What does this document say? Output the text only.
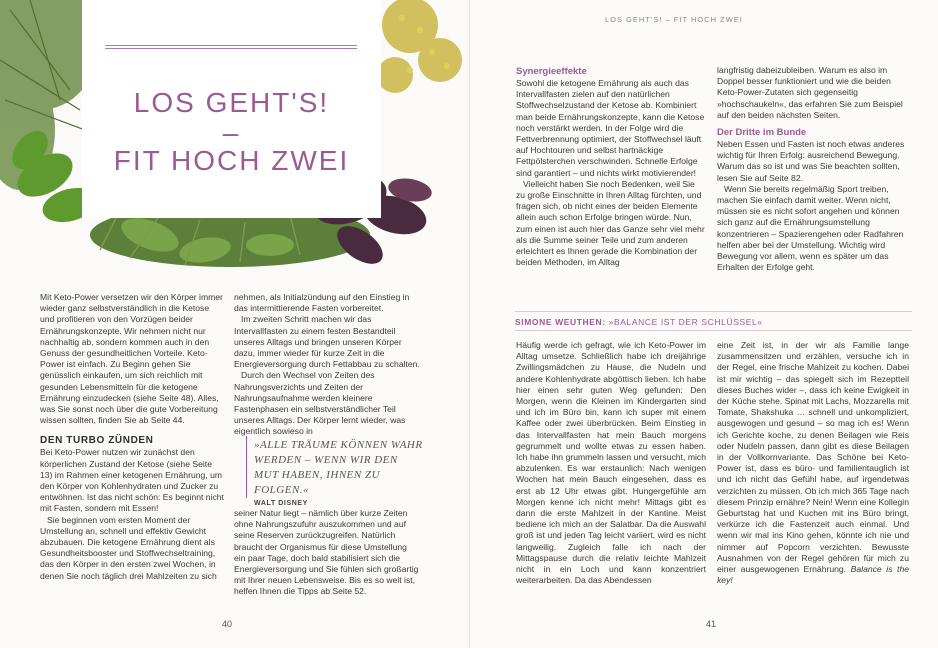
LOS GEHT'S!
–
FIT HOCH ZWEI

Mit Keto-Power versetzen wir den Körper immer wieder ganz selbstverständlich in die Ketose und profitieren von den Vorzügen beider Ernährungskonzepte. Wir nehmen nicht nur nachhaltig ab, sondern kommen auch in den Genuss der gesundheitlichen Vorteile. Keto-Power ist einfach. Zu Beginn gehen Sie genüsslich einkaufen, um sich reichlich mit gesunden Lebensmitteln für die ketogene Ernährung einzudecken (siehe Seite 48). Alles, was Sie sonst noch über die gute Vorbereitung wissen sollten, finden Sie ab Seite 44.

DEN TURBO ZÜNDEN

Bei Keto-Power nutzen wir zunächst den körperlichen Zustand der Ketose (siehe Seite 13) im Rahmen einer ketogenen Ernährung, um den Körper von Kohlenhydraten und Zucker zu entwöhnen. Ist das nicht schön: Es beginnt nicht mit Fasten, sondern mit Essen!

Sie beginnen vom ersten Moment der Umstellung an, schnell und effektiv Gewicht abzubauen. Die ketogene Ernährung dient als Gesundheitsbooster und Stoffwechseltraining, das den Körper in den ersten zwei Wochen, in denen Sie noch täglich drei Mahlzeiten zu sich

nehmen, als Initialzündung auf den Einstieg in das intermittierende Fasten vorbereitet.

Im zweiten Schritt machen wir das Intervallfasten zu einem festen Bestandteil unseres Alltags und bringen unseren Körper dazu, immer wieder für kurze Zeit in die Energieversorgung durch Fettabbau zu schalten.

Durch den Wechsel von Zeiten des Nahrungsverzichts und Zeiten der Nahrungsaufnahme werden kleinere Fastenphasen ein selbstverständlicher Teil unseres Alltags. Der Körper lernt wieder, was eigentlich sowieso in

»ALLE TRÄUME KÖNNEN WAHR WERDEN – WENN WIR DEN MUT HABEN, IHNEN ZU FOLGEN.«
WALT DISNEY

seiner Natur liegt – nämlich über kurze Zeiten ohne Nahrungszufuhr auszukommen und auf seine Reserven zurückzugreifen. Natürlich braucht der Organismus für diese Umstellung ein paar Tage, doch bald stabilisiert sich die Energieversorgung und Sie fühlen sich großartig mit Ihrer neuen Lebensweise. Bis es so weit ist, helfen Ihnen die Tipps ab Seite 52.

40
LOS GEHT'S! – FIT HOCH ZWEI
Synergieeffekte

Sowohl die ketogene Ernährung als auch das Intervallfasten zielen auf den natürlichen Stoffwechselzustand der Ketose ab. Kombiniert man beide Ernährungskonzepte, kann die Ketose noch verstärkt werden. In der Folge wird die Fettverbrennung optimiert, der Stoffwechsel läuft auf Hochtouren und selbst hartnäckige Fettpölsterchen verschwinden. Schnelle Erfolge sind garantiert – und nichts wirkt motivierender!

Vielleicht haben Sie noch Bedenken, weil Sie zu große Einschnitte in Ihren Alltag fürchten, und fragen sich, ob nicht eines der beiden Elemente allein auch schon Erfolge bringen würde. Nun, zum einen ist auch hier das Ganze sehr viel mehr als die Summe seiner Teile und zum anderen erleichtert es Ihnen gerade die Kombination der beiden Methoden, im Alltag

langfristig dabeizubleiben. Warum es also im Doppel besser funktioniert und wie die beiden Keto-Power-Zutaten sich gegenseitig »hochschaukeln«, das erfahren Sie zum Beispiel auf den beiden nächsten Seiten.

Der Dritte im Bunde

Neben Essen und Fasten ist noch etwas anderes wichtig für Ihren Erfolg: ausreichend Bewegung. Warum das so ist und was Sie beachten sollten, lesen Sie auf Seite 82.

Wenn Sie bereits regelmäßig Sport treiben, machen Sie einfach damit weiter. Wenn nicht, müssen sie es nicht sofort angehen und können sich ganz auf die Ernährungsumstellung konzentrieren – Spazierengehen oder Radfahren helfen aber bei der Umstellung. Wichtig wird Bewegung vor allem, wenn es später um das Erhalten der Erfolge geht.

SIMONE WEUTHEN: »BALANCE IST DER SCHLÜSSEL«

Häufig werde ich gefragt, wie ich Keto-Power im Alltag umsetze. Schließlich habe ich dreijährige Zwillingsmädchen zu Hause, die Nudeln und andere Kohlenhydrate abgöttisch lieben. Ich habe hier einen sehr guten Weg gefunden: Den Morgen, wenn die Kleinen im Kindergarten sind und ich im Büro bin, kann ich super mit einem Kaffee oder zwei überbrücken. Beim Einstieg in das Intervallfasten hat mein Bauch morgens gegrummelt und wollte etwas zu essen haben. Ich habe ihn grummeln lassen und versucht, mich abzulenken. Es war erstaunlich: Nach wenigen Wochen hat mein Bauch eingesehen, dass es erst ab 12 Uhr etwas gibt. Hungergefühle am Morgen kenne ich nicht mehr! Mittags gibt es dann die erste Mahlzeit in der Kantine. Meist bediene ich mich an der Salatbar. Da die Auswahl groß ist und jeden Tag leicht variiert, wird es nicht langweilig. Zugleich falle ich nach der Mittagspause durch die relativ leichte Mahlzeit nicht in ein Loch und kann konzentriert weiterarbeiten. Da das Abendessen

eine Zeit ist, in der wir als Familie lange zusammensitzen und erzählen, versuche ich in der Regel, eine frische Mahlzeit zu kochen. Dabei ist mir wichtig – das spiegelt sich im Rezeptteil dieses Buches wider –, dass ich keine Ewigkeit in der Küche stehe. Spinat mit Lachs, Mozzarella mit Tomate, Shakshuka … schnell und unkompliziert, ausgewogen und gesund – so mag ich es! Wenn ich Gerichte koche, zu denen Beilagen wie Reis oder Nudeln passen, dann gibt es diese Beilagen in der Vollkornvariante. Das Schöne bei Keto-Power ist, dass es büro- und familientauglich ist und ich nicht das Gefühl habe, auf irgendetwas verzichten zu müssen. Ob ich mich 365 Tage nach diesem Prinzip ernähre? Nein! Wenn eine Kollegin Geburtstag hat und Kuchen mit ins Büro bringt, verkürze ich die Fastenzeit auch einmal. Und wenn wir mal ins Kino gehen, könnte ich nie und nimmer auf Popcorn verzichten. Bewusste Ausnahmen von der Regel gehören für mich zu einer ausgewogenen Ernährung. Balance is the key!

41
